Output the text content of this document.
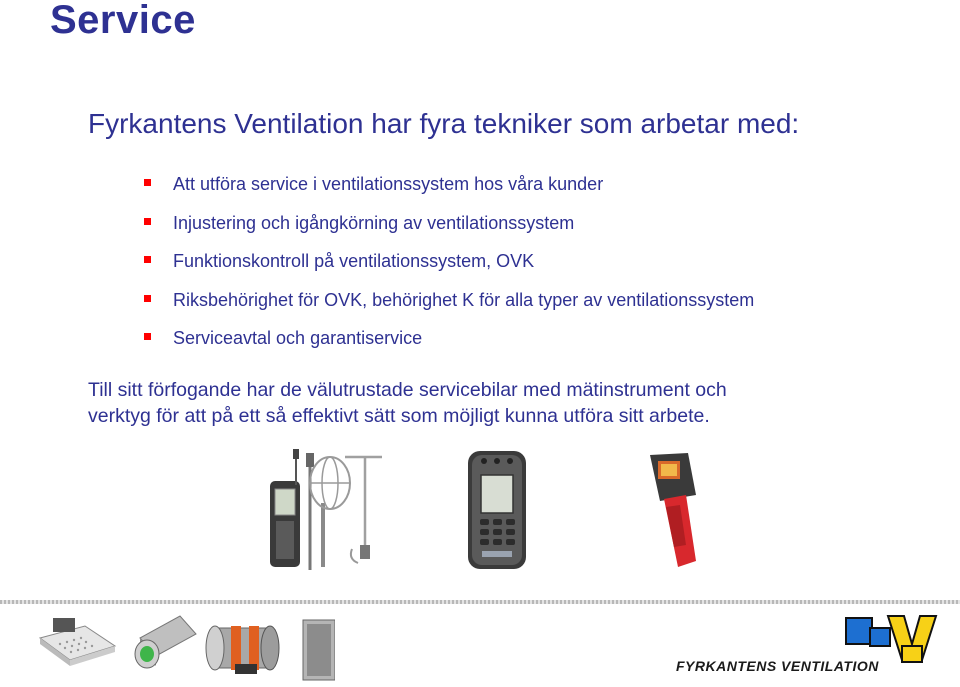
Service
Fyrkantens Ventilation har fyra tekniker som arbetar med:
Att utföra service i ventilationssystem hos våra kunder
Injustering och igångkörning av ventilationssystem
Funktionskontroll på ventilationssystem, OVK
Riksbehörighet för OVK, behörighet K för alla typer av ventilationssystem
Serviceavtal och garantiservice
Till sitt förfogande har de välutrustade servicebilar med mätinstrument och
verktyg för att på ett så effektivt sätt som möjligt kunna utföra sitt arbete.
FYRKANTENS VENTILATION
